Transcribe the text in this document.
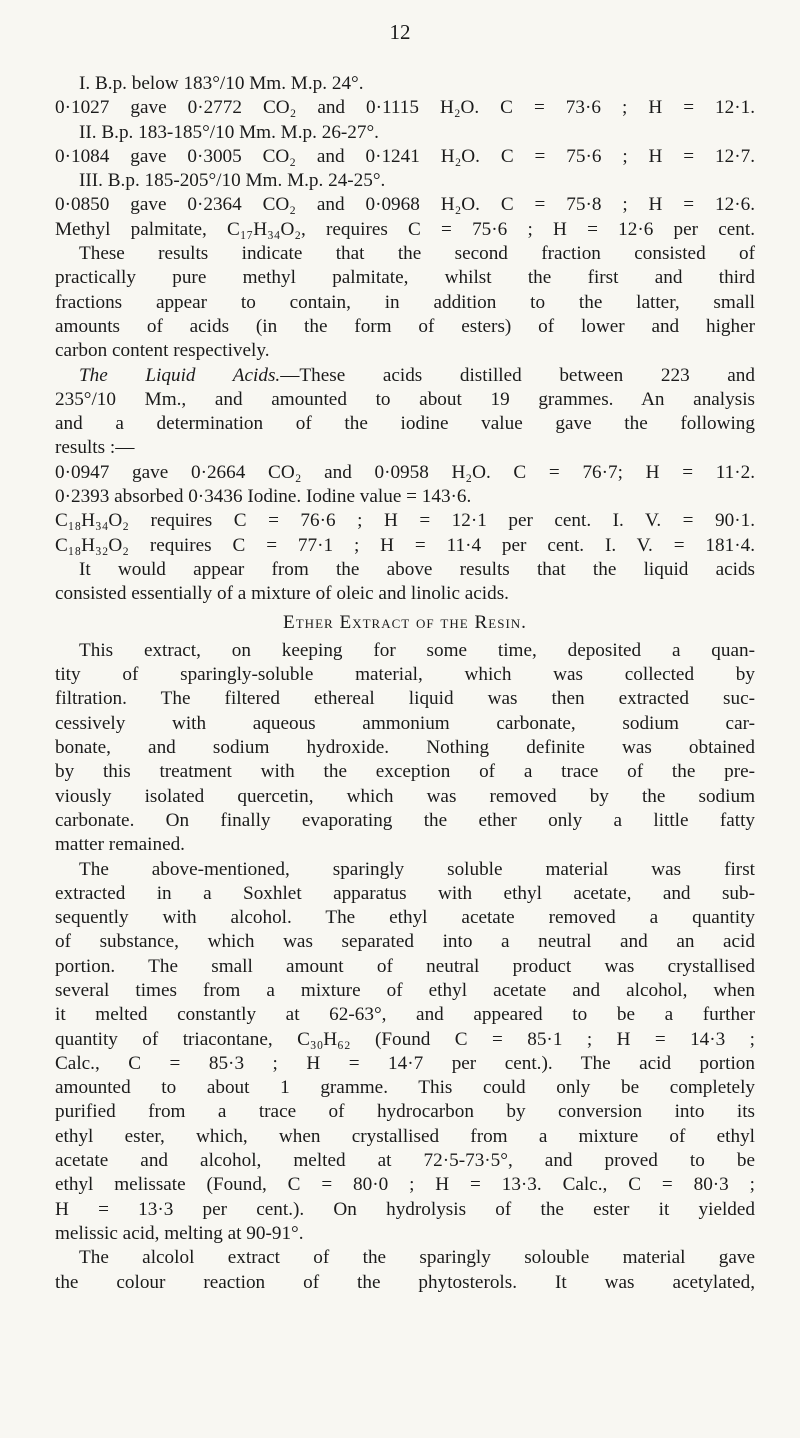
12
I. B.p. below 183°/10 Mm. M.p. 24°.
0·1027 gave 0·2772 CO₂ and 0·1115 H₂O. C = 73·6 ; H = 12·1.
II. B.p. 183-185°/10 Mm. M.p. 26-27°.
0·1084 gave 0·3005 CO₂ and 0·1241 H₂O. C = 75·6 ; H = 12·7.
III. B.p. 185-205°/10 Mm. M.p. 24-25°.
0·0850 gave 0·2364 CO₂ and 0·0968 H₂O. C = 75·8 ; H = 12·6.
Methyl palmitate, C₁₇H₃₄O₂, requires C = 75·6 ; H = 12·6 per cent.
These results indicate that the second fraction consisted of
practically pure methyl palmitate, whilst the first and third
fractions appear to contain, in addition to the latter, small
amounts of acids (in the form of esters) of lower and higher
carbon content respectively.
The Liquid Acids.—These acids distilled between 223 and
235°/10 Mm., and amounted to about 19 grammes. An analysis
and a determination of the iodine value gave the following
results :—
0·0947 gave 0·2664 CO₂ and 0·0958 H₂O. C = 76·7; H = 11·2.
0·2393 absorbed 0·3436 Iodine. Iodine value = 143·6.
C₁₈H₃₄O₂ requires C = 76·6 ; H = 12·1 per cent. I. V. = 90·1.
C₁₈H₃₂O₂ requires C = 77·1 ; H = 11·4 per cent. I. V. = 181·4.
It would appear from the above results that the liquid acids
consisted essentially of a mixture of oleic and linolic acids.
Ether Extract of the Resin.
This extract, on keeping for some time, deposited a quan-
tity of sparingly-soluble material, which was collected by
filtration. The filtered ethereal liquid was then extracted suc-
cessively with aqueous ammonium carbonate, sodium car-
bonate, and sodium hydroxide. Nothing definite was obtained
by this treatment with the exception of a trace of the pre-
viously isolated quercetin, which was removed by the sodium
carbonate. On finally evaporating the ether only a little fatty
matter remained.
The above-mentioned, sparingly soluble material was first
extracted in a Soxhlet apparatus with ethyl acetate, and sub-
sequently with alcohol. The ethyl acetate removed a quantity
of substance, which was separated into a neutral and an acid
portion. The small amount of neutral product was crystallised
several times from a mixture of ethyl acetate and alcohol, when
it melted constantly at 62-63°, and appeared to be a further
quantity of triacontane, C₃₀H₆₂ (Found C = 85·1 ; H = 14·3 ;
Calc., C = 85·3 ; H = 14·7 per cent.). The acid portion
amounted to about 1 gramme. This could only be completely
purified from a trace of hydrocarbon by conversion into its
ethyl ester, which, when crystallised from a mixture of ethyl
acetate and alcohol, melted at 72·5-73·5°, and proved to be
ethyl melissate (Found, C = 80·0 ; H = 13·3. Calc., C = 80·3 ;
H = 13·3 per cent.). On hydrolysis of the ester it yielded
melissic acid, melting at 90-91°.
The alcolol extract of the sparingly solouble material gave
the colour reaction of the phytosterols. It was acetylated,
